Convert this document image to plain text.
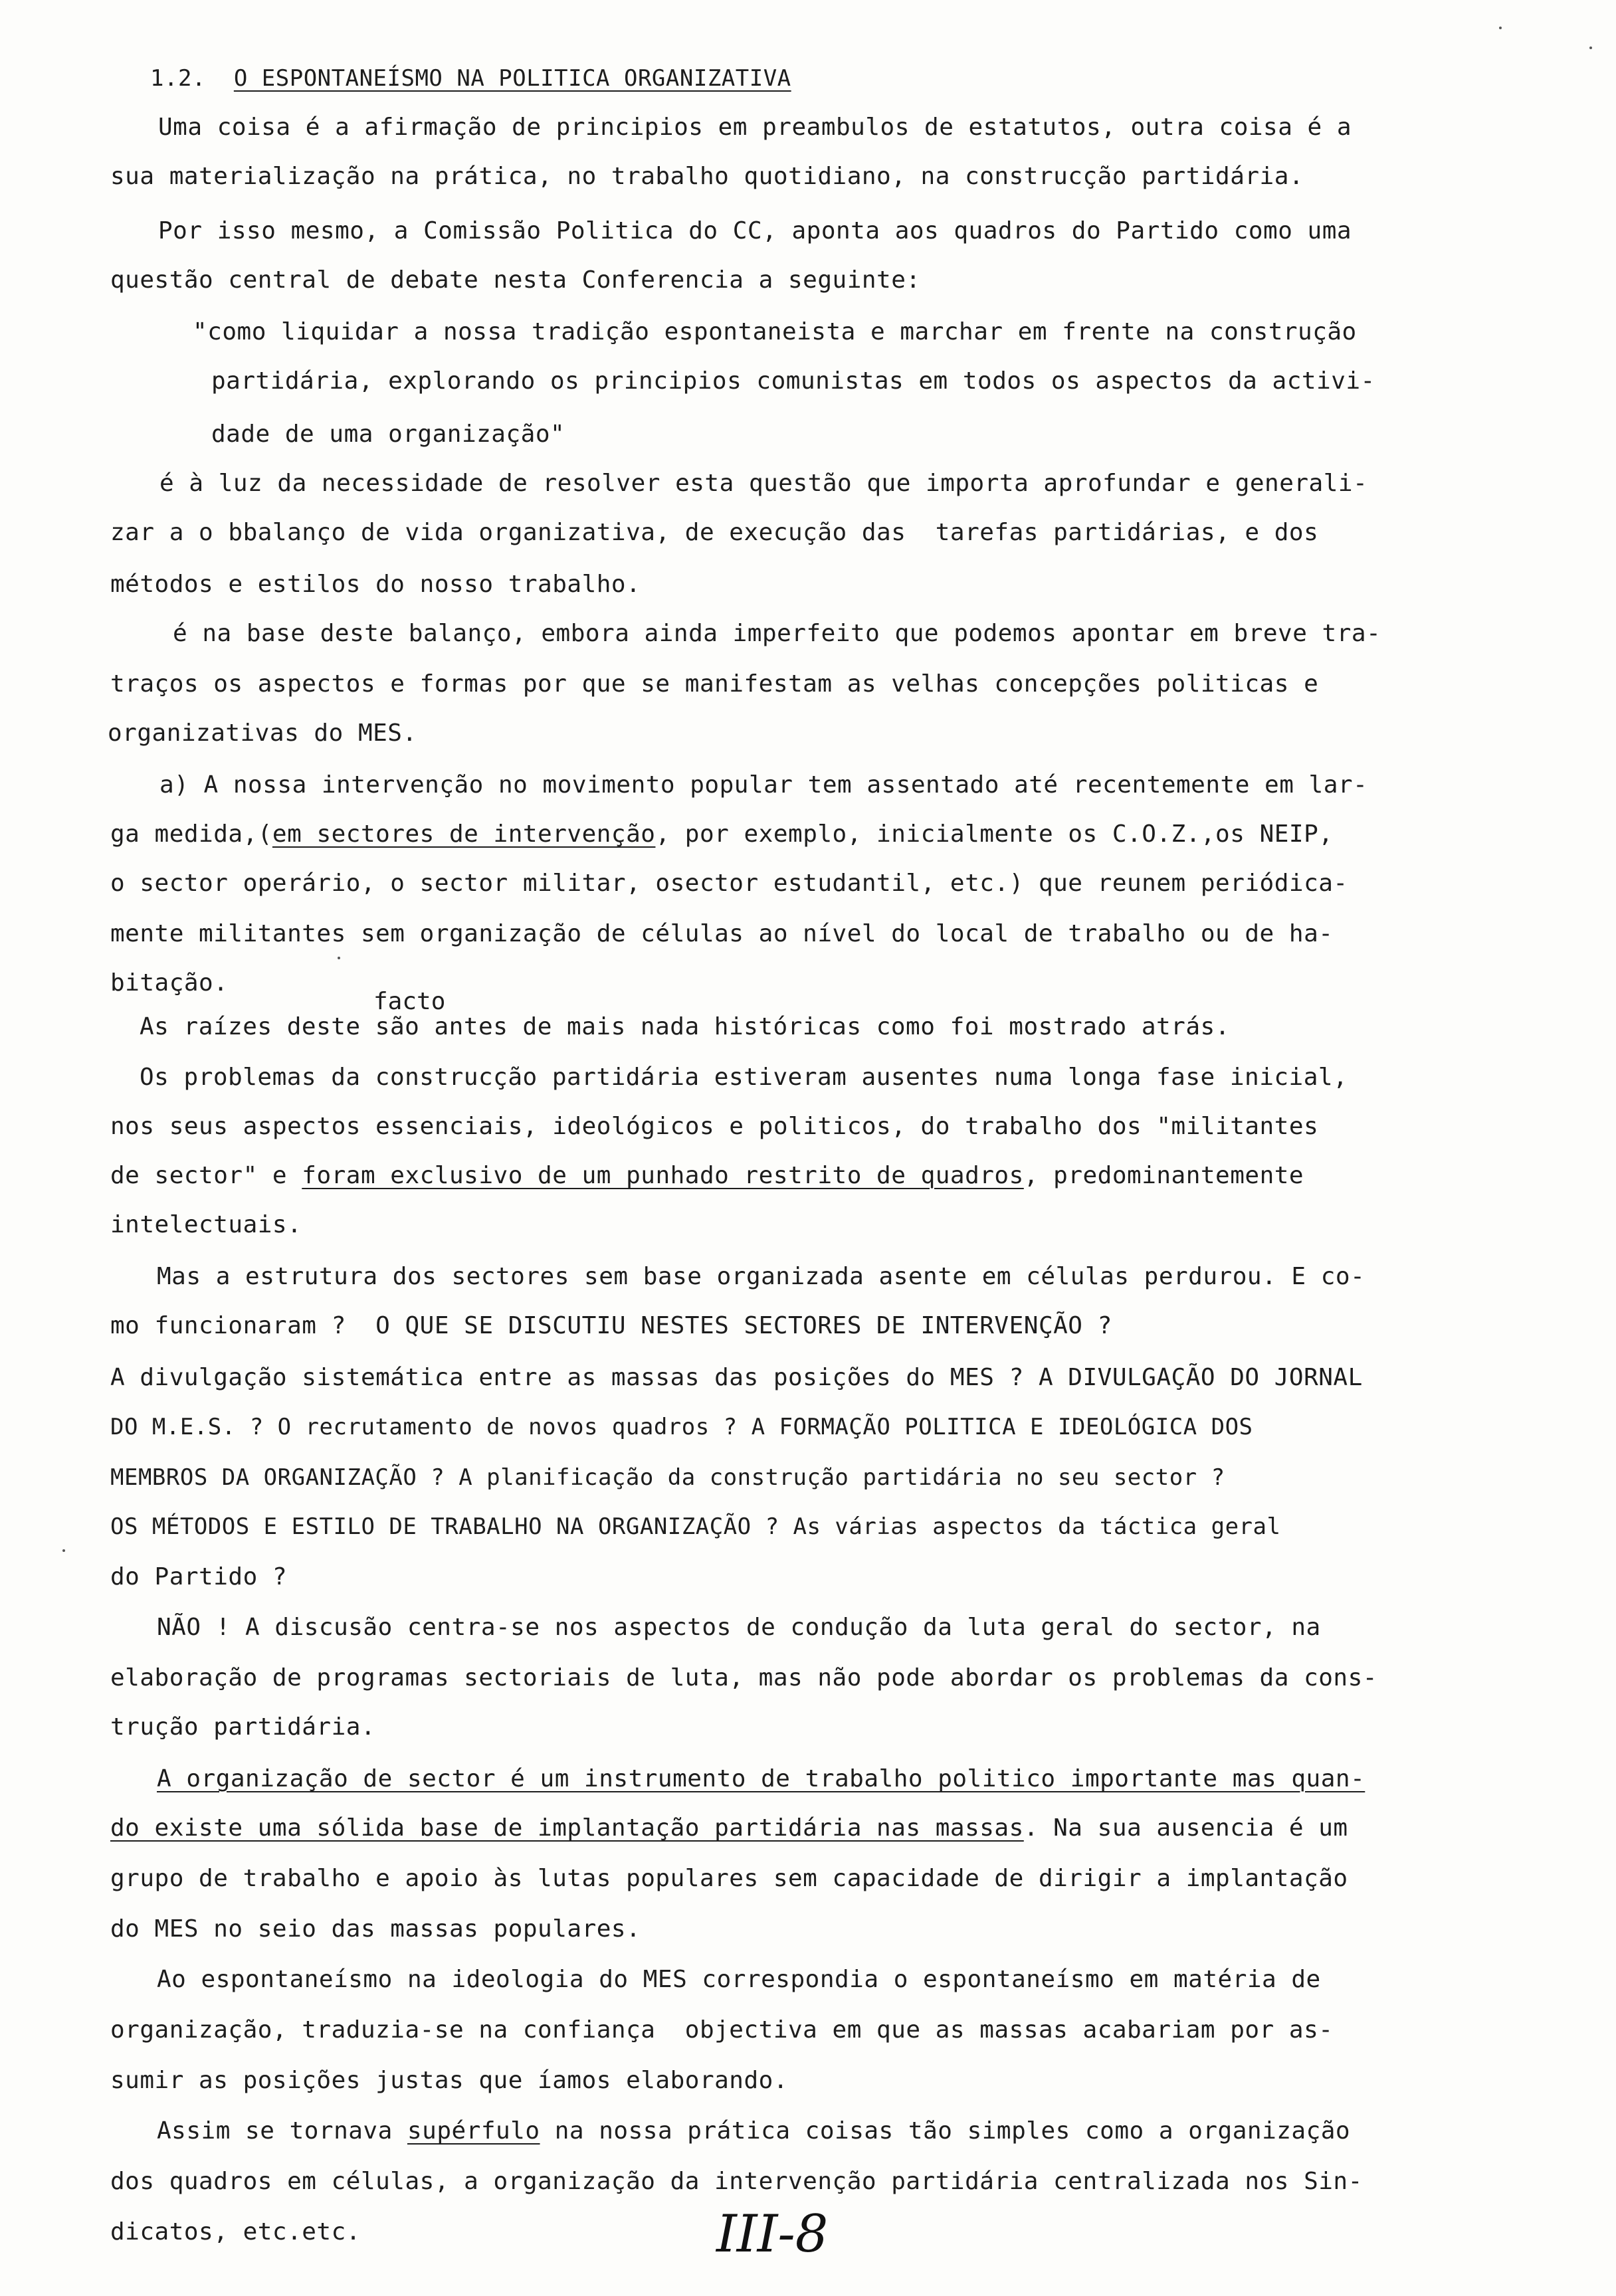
1.2. O ESPONTANEÍSMO NA POLITICA ORGANIZATIVA
Uma coisa é a afirmação de principios em preambulos de estatutos, outra coisa é a
sua materialização na prática, no trabalho quotidiano, na construcção partidária.
Por isso mesmo, a Comissão Politica do CC, aponta aos quadros do Partido como uma
questão central de debate nesta Conferencia a seguinte:
"como liquidar a nossa tradição espontaneista e marchar em frente na construção
partidária, explorando os principios comunistas em todos os aspectos da activi-
dade de uma organização"
é à luz da necessidade de resolver esta questão que importa aprofundar e generali-
zar a o bbalanço de vida organizativa, de execução das  tarefas partidárias, e dos
métodos e estilos do nosso trabalho.
é na base deste balanço, embora ainda imperfeito que podemos apontar em breve tra-
traços os aspectos e formas por que se manifestam as velhas concepções politicas e
organizativas do MES.
a) A nossa intervenção no movimento popular tem assentado até recentemente em lar-
ga medida,(em sectores de intervenção, por exemplo, inicialmente os C.O.Z.,os NEIP,
o sector operário, o sector militar, osector estudantil, etc.) que reunem periódica-
mente militantes sem organização de células ao nível do local de trabalho ou de ha-
bitação.
facto
As raízes deste são antes de mais nada históricas como foi mostrado atrás.
Os problemas da construcção partidária estiveram ausentes numa longa fase inicial,
nos seus aspectos essenciais, ideológicos e politicos, do trabalho dos "militantes
de sector" e foram exclusivo de um punhado restrito de quadros, predominantemente
intelectuais.
Mas a estrutura dos sectores sem base organizada asente em células perdurou. E co-
mo funcionaram ?  O QUE SE DISCUTIU NESTES SECTORES DE INTERVENÇÃO ?
A divulgação sistemática entre as massas das posições do MES ? A DIVULGAÇÃO DO JORNAL
DO M.E.S. ? O recrutamento de novos quadros ? A FORMAÇÃO POLITICA E IDEOLÓGICA DOS
MEMBROS DA ORGANIZAÇÃO ? A planificação da construção partidária no seu sector ?
OS MÉTODOS E ESTILO DE TRABALHO NA ORGANIZAÇÃO ? As várias aspectos da táctica geral
do Partido ?
NÃO ! A discusão centra-se nos aspectos de condução da luta geral do sector, na
elaboração de programas sectoriais de luta, mas não pode abordar os problemas da cons-
trução partidária.
A organização de sector é um instrumento de trabalho politico importante mas quan-
do existe uma sólida base de implantação partidária nas massas. Na sua ausencia é um
grupo de trabalho e apoio às lutas populares sem capacidade de dirigir a implantação
do MES no seio das massas populares.
Ao espontaneísmo na ideologia do MES correspondia o espontaneísmo em matéria de
organização, traduzia-se na confiança  objectiva em que as massas acabariam por as-
sumir as posições justas que íamos elaborando.
Assim se tornava supérfulo na nossa prática coisas tão simples como a organização
dos quadros em células, a organização da intervenção partidária centralizada nos Sin-
dicatos, etc.etc.	III-8
